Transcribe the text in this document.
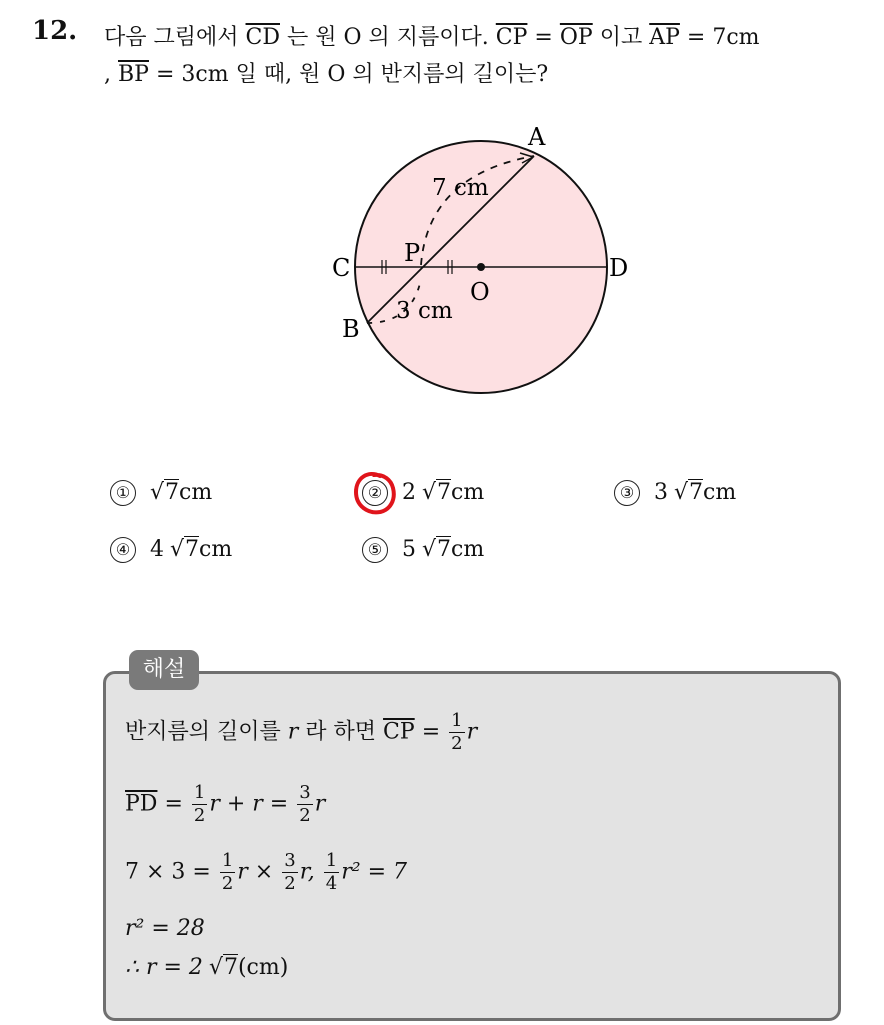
12. 다음 그림에서 $\overline{CD}$ 는 원 O 의 지름이다. $\overline{CP} = \overline{OP}$ 이고 $\overline{AP} = 7cm$
, $\overline{BP} = 3cm$ 일 때, 원 O 의 반지름의 길이는?
A
B
C	D
O
P
7 cm
3 cm
① √7cm	② 2 √7cm	③ 3 √7cm
④ 4 √7cm	⑤ 5 √7cm
해설
반지름의 길이를 r 라 하면 $\overline{CP} = \frac{1}{2}$ r
$\overline{PD} = \frac{1}{2}$ $r + r = \frac{3}{2}$ r
$7 \times 3 = \frac{1}{2}$ $r \times \frac{3}{2} r$, $\frac{1}{4} r^2 = 7$
r² = 28
∴ r = 2 √7(cm)
